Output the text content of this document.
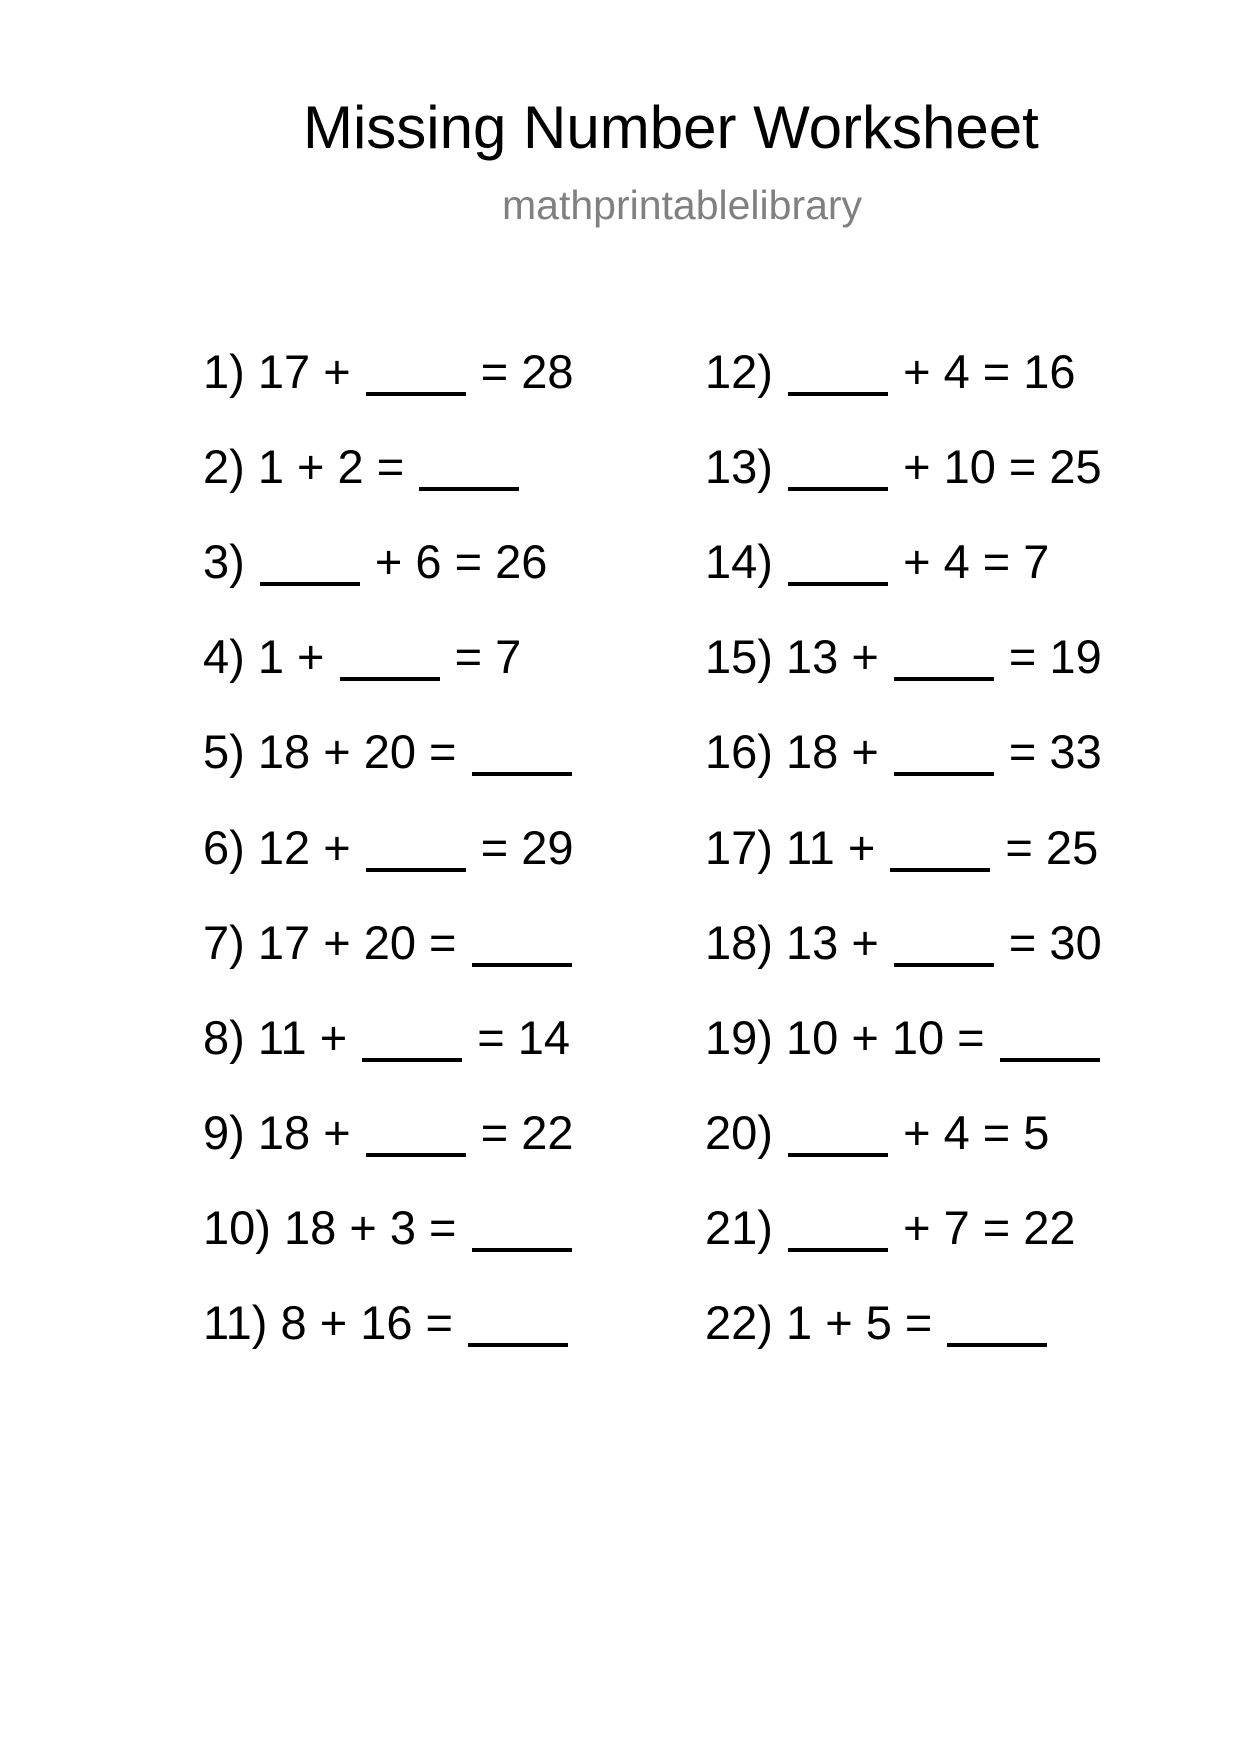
Missing Number Worksheet
mathprintablelibrary
1) 17 +	= 28
2) 1 + 2 =
3)	+ 6 = 26
4) 1 +	= 7
5) 18 + 20 =
6) 12 +	= 29
7) 17 + 20 =
8) 11 +	= 14
9) 18 +	= 22
10) 18 + 3 =
11) 8 + 16 =
12)	+ 4 = 16
13)	+ 10 = 25
14)	+ 4 = 7
15) 13 +	= 19
16) 18 +	= 33
17) 11 +	= 25
18) 13 +	= 30
19) 10 + 10 =
20)	+ 4 = 5
21)	+ 7 = 22
22) 1 + 5 =
